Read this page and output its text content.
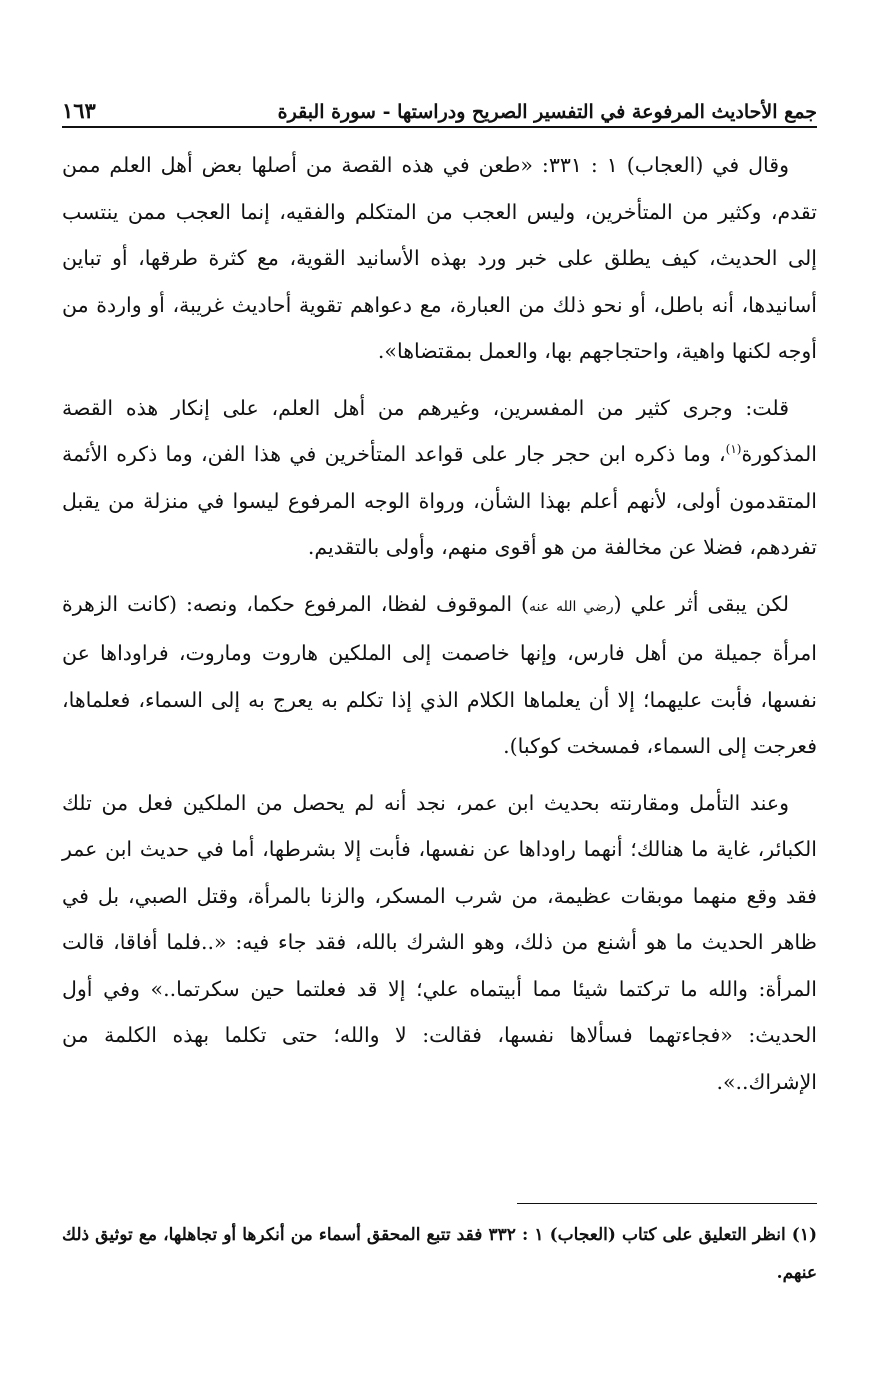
١٦٣	جمع الأحاديث المرفوعة في التفسير الصريح ودراستها - سورة البقرة

وقال في (العجاب) ١ : ٣٣١: «طعن في هذه القصة من أصلها بعض أهل العلم ممن تقدم، وكثير من المتأخرين، وليس العجب من المتكلم والفقيه، إنما العجب ممن ينتسب إلى الحديث، كيف يطلق على خبر ورد بهذه الأسانيد القوية، مع كثرة طرقها، أو تباين أسانيدها، أنه باطل، أو نحو ذلك من العبارة، مع دعواهم تقوية أحاديث غريبة، أو واردة من أوجه لكنها واهية، واحتجاجهم بها، والعمل بمقتضاها».

قلت: وجرى كثير من المفسرين، وغيرهم من أهل العلم، على إنكار هذه القصة المذكورة$^{(١)}$، وما ذكره ابن حجر جار على قواعد المتأخرين في هذا الفن، وما ذكره الأئمة المتقدمون أولى، لأنهم أعلم بهذا الشأن، ورواة الوجه المرفوع ليسوا في منزلة من يقبل تفردهم، فضلا عن مخالفة من هو أقوى منهم، وأولى بالتقديم.

لكن يبقى أثر علي (رضي الله عنه) الموقوف لفظا، المرفوع حكما، ونصه: (كانت الزهرة امرأة جميلة من أهل فارس، وإنها خاصمت إلى الملكين هاروت وماروت، فراوداها عن نفسها، فأبت عليهما؛ إلا أن يعلماها الكلام الذي إذا تكلم به يعرج به إلى السماء، فعلماها، فعرجت إلى السماء، فمسخت كوكبا).

وعند التأمل ومقارنته بحديث ابن عمر، نجد أنه لم يحصل من الملكين فعل من تلك الكبائر، غاية ما هنالك؛ أنهما راوداها عن نفسها، فأبت إلا بشرطها، أما في حديث ابن عمر فقد وقع منهما موبقات عظيمة، من شرب المسكر، والزنا بالمرأة، وقتل الصبي، بل في ظاهر الحديث ما هو أشنع من ذلك، وهو الشرك بالله، فقد جاء فيه: «..فلما أفاقا، قالت المرأة: والله ما تركتما شيئا مما أبيتماه علي؛ إلا قد فعلتما حين سكرتما..» وفي أول الحديث: «فجاءتهما فسألاها نفسها، فقالت: لا والله؛ حتى تكلما بهذه الكلمة من الإشراك..».

(١) انظر التعليق على كتاب (العجاب) ١ : ٣٣٢ فقد تتبع المحقق أسماء من أنكرها أو تجاهلها، مع توثيق ذلك عنهم.
